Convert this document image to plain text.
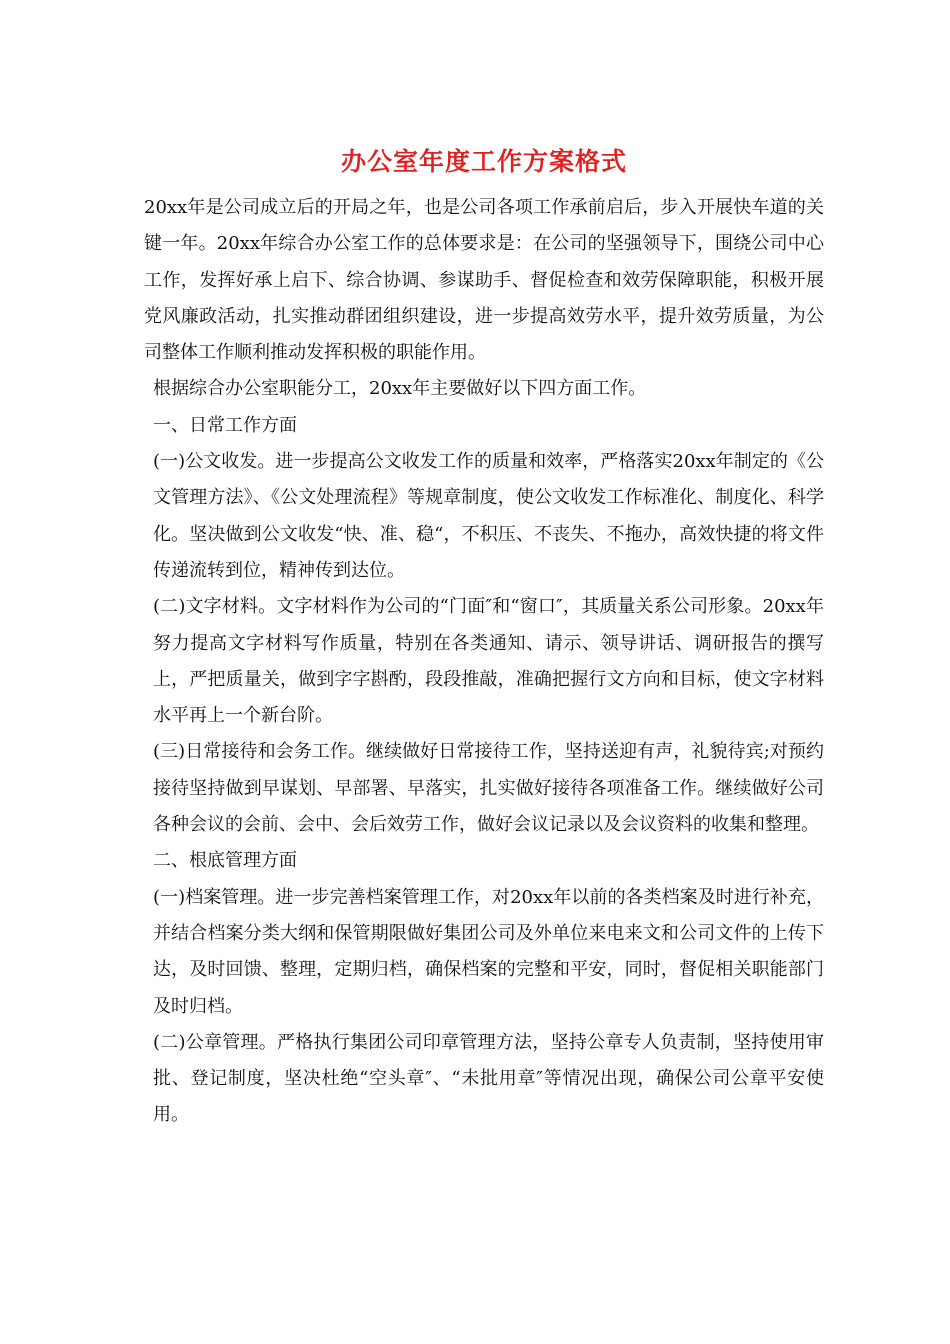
办公室年度工作方案格式

20xx年是公司成立后的开局之年，也是公司各项工作承前启后，步入开展快车道的关键一年。20xx年综合办公室工作的总体要求是：在公司的坚强领导下，围绕公司中心工作，发挥好承上启下、综合协调、参谋助手、督促检查和效劳保障职能，积极开展党风廉政活动，扎实推动群团组织建设，进一步提高效劳水平，提升效劳质量，为公司整体工作顺利推动发挥积极的职能作用。

根据综合办公室职能分工，20xx年主要做好以下四方面工作。

一、日常工作方面

(一)公文收发。进一步提高公文收发工作的质量和效率，严格落实20xx年制定的《公文管理方法》、《公文处理流程》等规章制度，使公文收发工作标准化、制度化、科学化。坚决做到公文收发“快、准、稳“，不积压、不丧失、不拖办，高效快捷的将文件传递流转到位，精神传到达位。

(二)文字材料。文字材料作为公司的“门面″和“窗口″，其质量关系公司形象。20xx年努力提高文字材料写作质量，特别在各类通知、请示、领导讲话、调研报告的撰写上，严把质量关，做到字字斟酌，段段推敲，准确把握行文方向和目标，使文字材料水平再上一个新台阶。

(三)日常接待和会务工作。继续做好日常接待工作，坚持送迎有声，礼貌待宾;对预约接待坚持做到早谋划、早部署、早落实，扎实做好接待各项准备工作。继续做好公司各种会议的会前、会中、会后效劳工作，做好会议记录以及会议资料的收集和整理。

二、根底管理方面

(一)档案管理。进一步完善档案管理工作，对20xx年以前的各类档案及时进行补充，并结合档案分类大纲和保管期限做好集团公司及外单位来电来文和公司文件的上传下达，及时回馈、整理，定期归档，确保档案的完整和平安，同时，督促相关职能部门及时归档。

(二)公章管理。严格执行集团公司印章管理方法，坚持公章专人负责制，坚持使用审批、登记制度，坚决杜绝“空头章″、“未批用章″等情况出现，确保公司公章平安使用。
